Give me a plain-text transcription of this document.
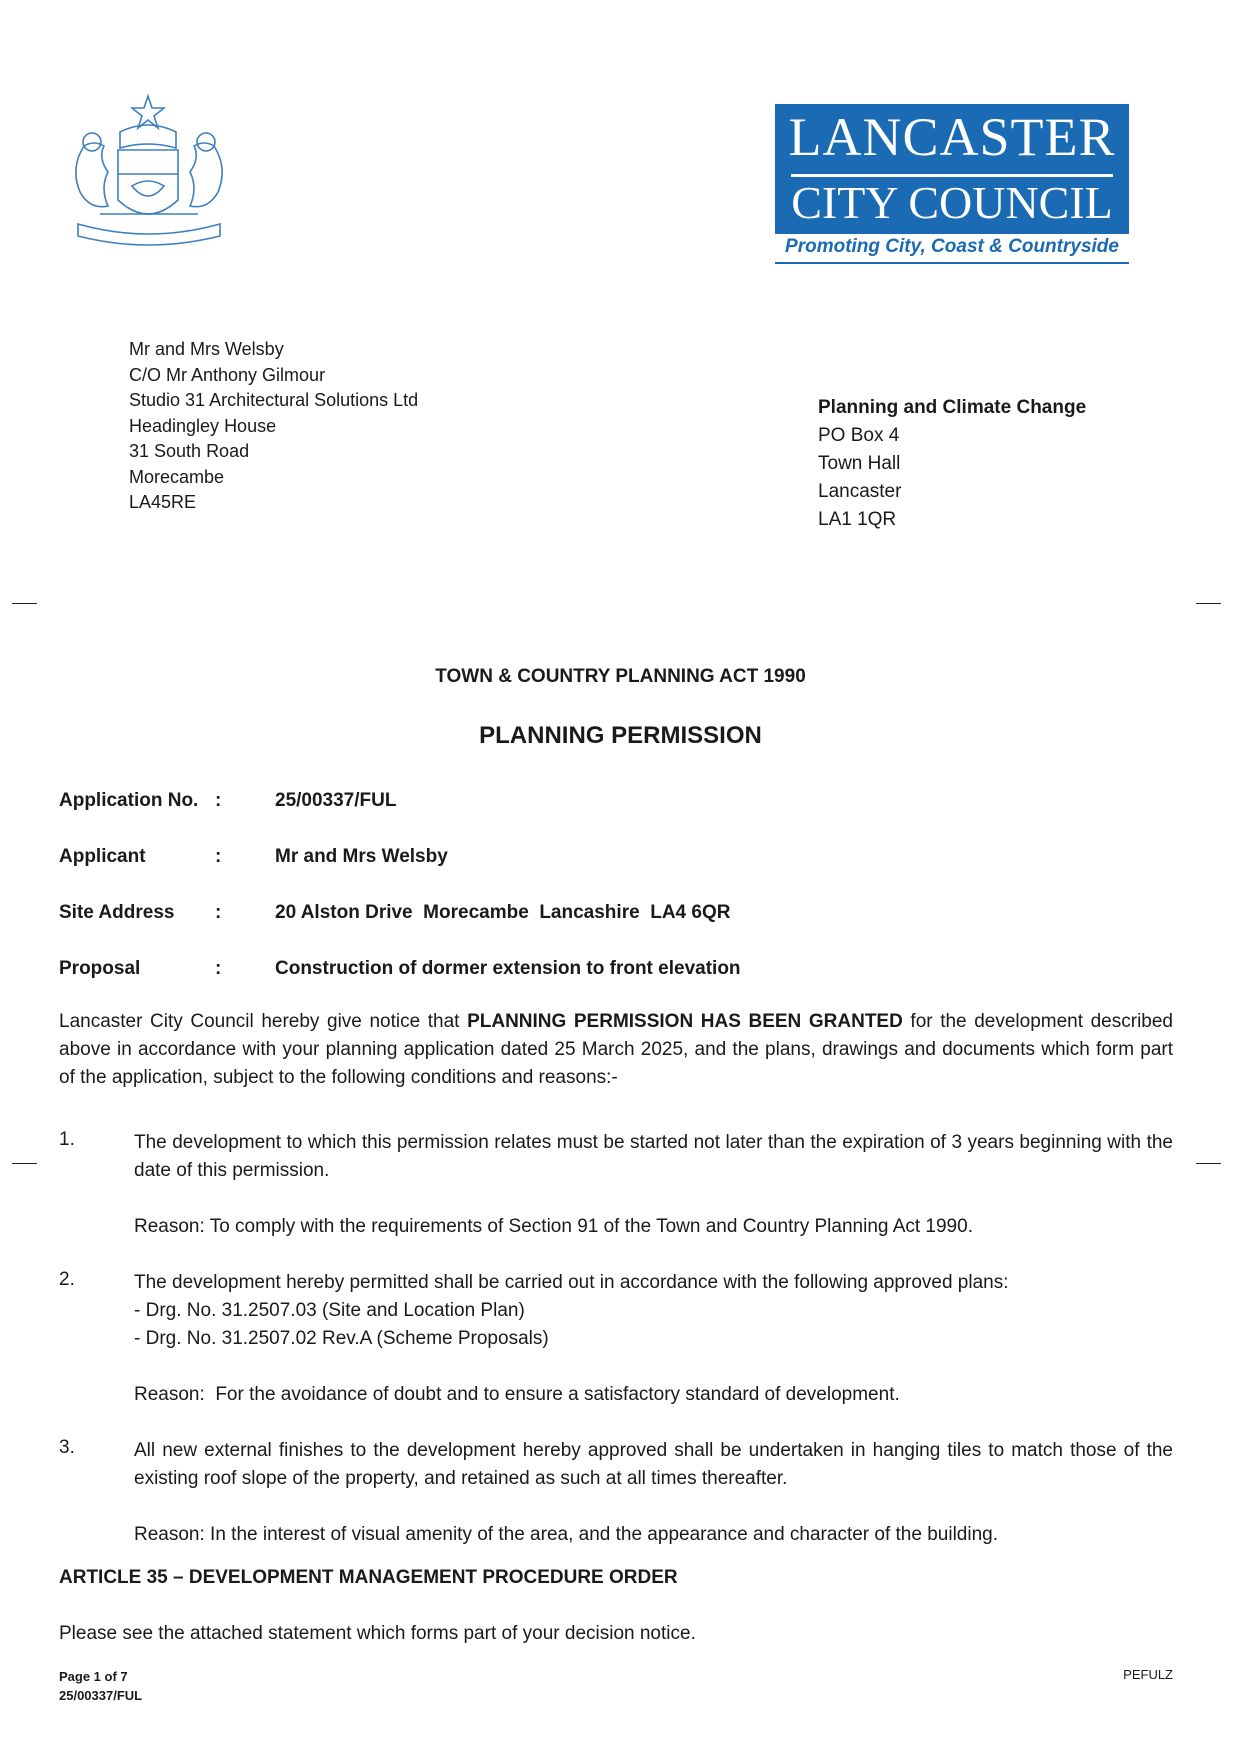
LANCASTER
CITY COUNCIL
Promoting City, Coast & Countryside
Mr and Mrs Welsby
C/O Mr Anthony Gilmour
Studio 31 Architectural Solutions Ltd
Headingley House
31 South Road
Morecambe
LA45RE
Planning and Climate Change
PO Box 4
Town Hall
Lancaster
LA1 1QR
TOWN & COUNTRY PLANNING ACT 1990
PLANNING PERMISSION
Application No. :	25/00337/FUL
Applicant	:	Mr and Mrs Welsby
Site Address	:	20 Alston Drive  Morecambe  Lancashire  LA4 6QR
Proposal	:	Construction of dormer extension to front elevation
Lancaster City Council hereby give notice that PLANNING PERMISSION HAS BEEN GRANTED for the development described above in accordance with your planning application dated 25 March 2025, and the plans, drawings and documents which form part of the application, subject to the following conditions and reasons:-
1.	The development to which this permission relates must be started not later than the expiration of 3 years beginning with the date of this permission.
Reason: To comply with the requirements of Section 91 of the Town and Country Planning Act 1990.
2.	The development hereby permitted shall be carried out in accordance with the following approved plans:
- Drg. No. 31.2507.03 (Site and Location Plan)
- Drg. No. 31.2507.02 Rev.A (Scheme Proposals)
Reason:  For the avoidance of doubt and to ensure a satisfactory standard of development.
3.	All new external finishes to the development hereby approved shall be undertaken in hanging tiles to match those of the existing roof slope of the property, and retained as such at all times thereafter.
Reason: In the interest of visual amenity of the area, and the appearance and character of the building.
ARTICLE 35 – DEVELOPMENT MANAGEMENT PROCEDURE ORDER
Please see the attached statement which forms part of your decision notice.
Page 1 of 7
25/00337/FUL
PEFULZ
